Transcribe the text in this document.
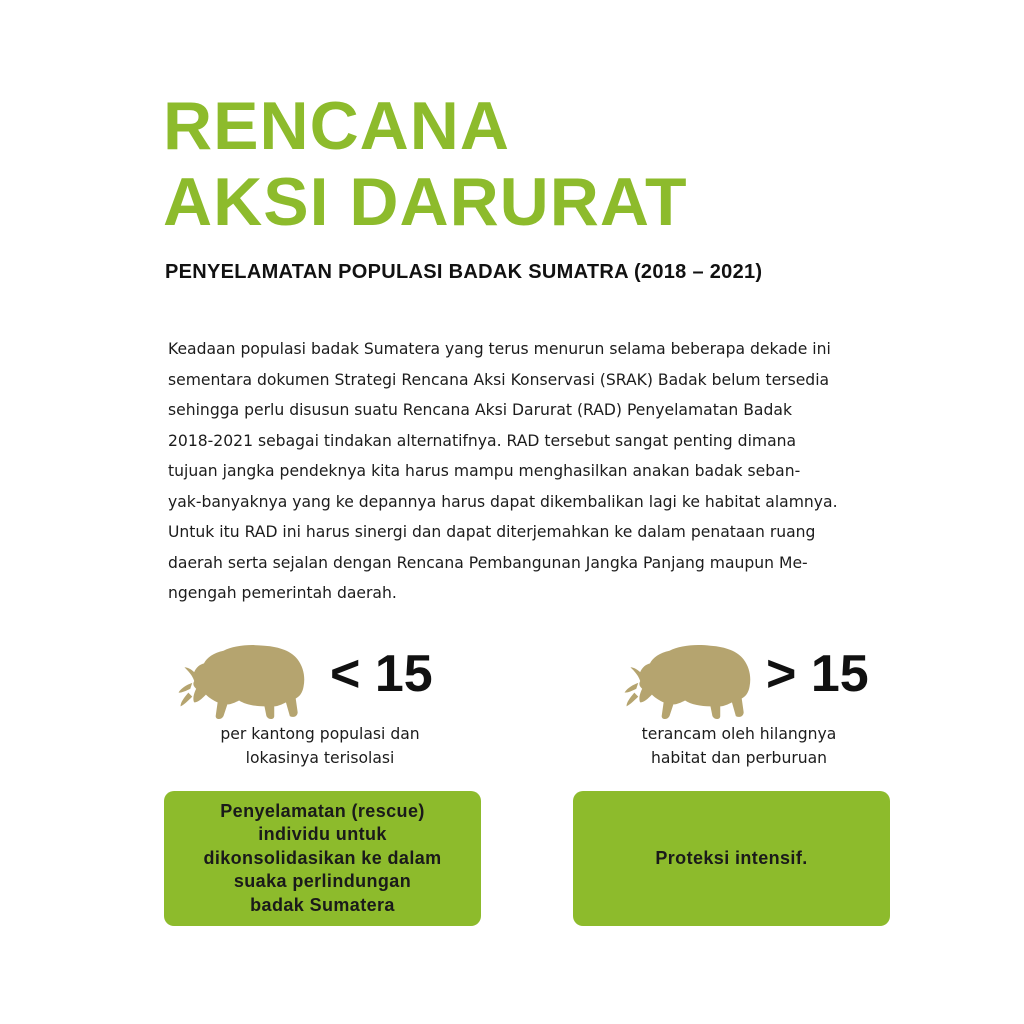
RENCANA
AKSI DARURAT
PENYELAMATAN POPULASI BADAK SUMATRA (2018 – 2021)
Keadaan populasi badak Sumatera yang terus menurun selama beberapa dekade ini
sementara dokumen Strategi Rencana Aksi Konservasi (SRAK) Badak belum tersedia
sehingga perlu disusun suatu Rencana Aksi Darurat (RAD) Penyelamatan Badak
2018-2021 sebagai tindakan alternatifnya. RAD tersebut sangat penting dimana
tujuan jangka pendeknya kita harus mampu menghasilkan anakan badak seban-
yak-banyaknya yang ke depannya harus dapat dikembalikan lagi ke habitat alamnya.
Untuk itu RAD ini harus sinergi dan dapat diterjemahkan ke dalam penataan ruang
daerah serta sejalan dengan Rencana Pembangunan Jangka Panjang maupun Me-
ngengah pemerintah daerah.
< 15
per kantong populasi dan
lokasinya terisolasi
> 15
terancam oleh hilangnya
habitat dan perburuan
Penyelamatan (rescue)
individu untuk
dikonsolidasikan ke dalam
suaka perlindungan
badak Sumatera
Proteksi intensif.
